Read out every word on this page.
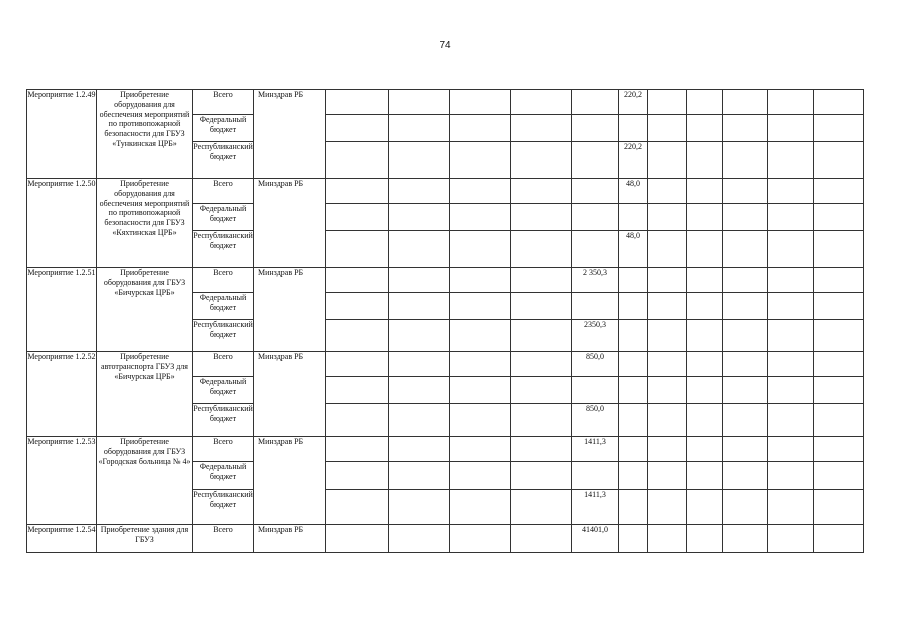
74
Мероприятие 1.2.49	Приобретение оборудования для обеспечения мероприятий по противопожарной безопасности для ГБУЗ «Тункинская ЦРБ»	Всего	Минздрав РБ						220,2					
		Федеральный бюджет												
		Республиканский бюджет							220,2					
Мероприятие 1.2.50	Приобретение оборудования для обеспечения мероприятий по противопожарной безопасности для ГБУЗ «Кяхтинская ЦРБ»	Всего	Минздрав РБ						48,0					
		Федеральный бюджет												
		Республиканский бюджет							48,0					
Мероприятие 1.2.51	Приобретение оборудования для ГБУЗ «Бичурская ЦРБ»	Всего	Минздрав РБ					2 350,3						
		Федеральный бюджет												
		Республиканский бюджет						2350,3						
Мероприятие 1.2.52	Приобретение автотранспорта ГБУЗ для «Бичурская ЦРБ»	Всего	Минздрав РБ					850,0						
		Федеральный бюджет												
		Республиканский бюджет						850,0						
Мероприятие 1.2.53	Приобретение оборудования для ГБУЗ «Городская больница № 4»	Всего	Минздрав РБ					1411,3						
		Федеральный бюджет												
		Республиканский бюджет						1411,3						
Мероприятие 1.2.54	Приобретение здания для ГБУЗ	Всего	Минздрав РБ					41401,0						
